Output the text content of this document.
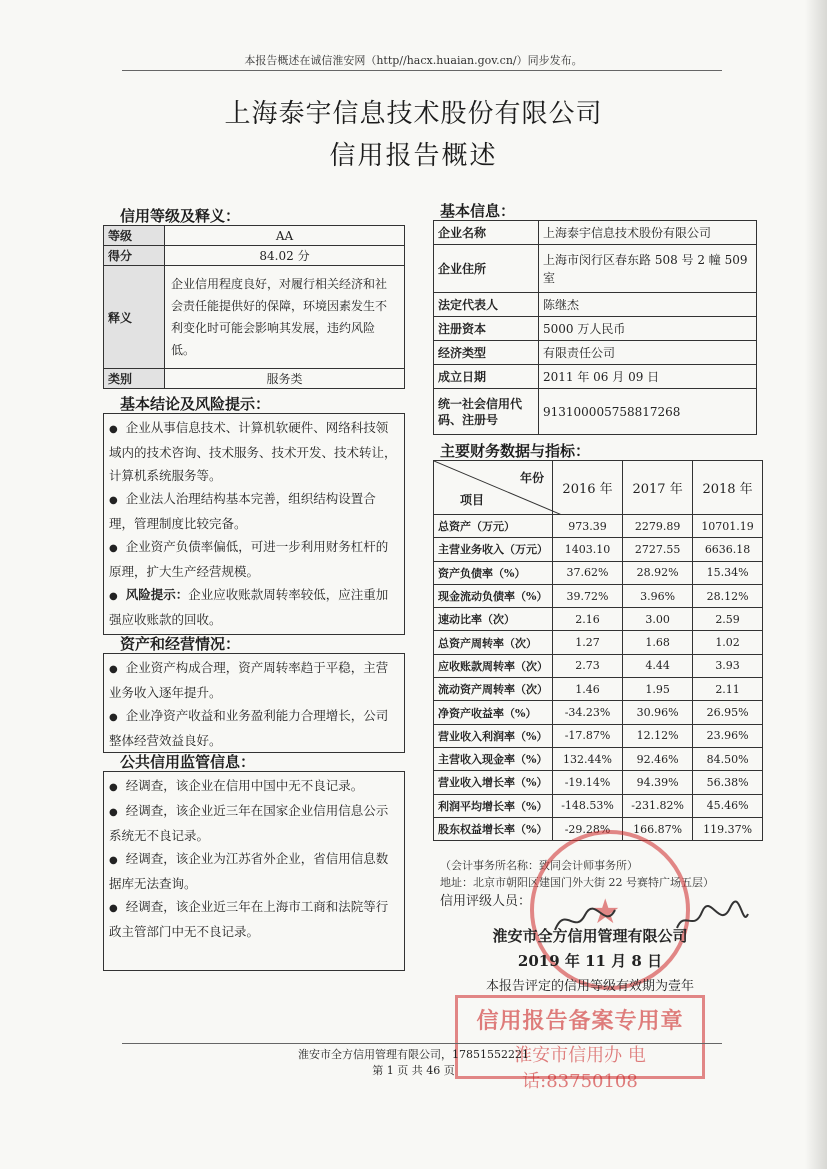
本报告概述在诚信淮安网（http//hacx.huaian.gov.cn/）同步发布。
上海泰宇信息技术股份有限公司
信用报告概述
信用等级及释义：
等级	AA
得分	84.02 分
释义	企业信用程度良好，对履行相关经济和社会责任能提供好的保障，环境因素发生不利变化时可能会影响其发展，违约风险低。
类别	服务类
基本结论及风险提示：

● 企业从事信息技术、计算机软硬件、网络科技领域内的技术咨询、技术服务、技术开发、技术转让，计算机系统服务等。

● 企业法人治理结构基本完善，组织结构设置合理，管理制度比较完备。

● 企业资产负债率偏低，可进一步利用财务杠杆的原理，扩大生产经营规模。

● 风险提示：企业应收账款周转率较低，应注重加强应收账款的回收。

资产和经营情况：

● 企业资产构成合理，资产周转率趋于平稳，主营业务收入逐年提升。

● 企业净资产收益和业务盈利能力合理增长，公司整体经营效益良好。

公共信用监管信息：

● 经调查，该企业在信用中国中无不良记录。

● 经调查，该企业近三年在国家企业信用信息公示系统无不良记录。

● 经调查，该企业为江苏省外企业，省信用信息数据库无法查询。

● 经调查，该企业近三年在上海市工商和法院等行政主管部门中无不良记录。

基本信息：
企业名称	上海泰宇信息技术股份有限公司
企业住所	上海市闵行区春东路 508 号 2 幢 509 室
法定代表人	陈继杰
注册资本	5000 万人民币
经济类型	有限责任公司
成立日期	2011 年 06 月 09 日
统一社会信用代码、注册号	913100005758817268
主要财务数据与指标：
年份
项目	2016 年	2017 年	2018 年
总资产（万元）	973.39	2279.89	10701.19
主营业务收入（万元）	1403.10	2727.55	6636.18
资产负债率（%）	37.62%	28.92%	15.34%
现金流动负债率（%）	39.72%	3.96%	28.12%
速动比率（次）	2.16	3.00	2.59
总资产周转率（次）	1.27	1.68	1.02
应收账款周转率（次）	2.73	4.44	3.93
流动资产周转率（次）	1.46	1.95	2.11
净资产收益率（%）	-34.23%	30.96%	26.95%
营业收入利润率（%）	-17.87%	12.12%	23.96%
主营收入现金率（%）	132.44%	92.46%	84.50%
营业收入增长率（%）	-19.14%	94.39%	56.38%
利润平均增长率（%）	-148.53%	-231.82%	45.46%
股东权益增长率（%）	-29.28%	166.87%	119.37%
（会计事务所名称：致同会计师事务所）
地址：北京市朝阳区建国门外大街 22 号赛特广场五层）
★
信用评级人员：
淮安市全方信用管理有限公司
2019 年 11 月 8 日
本报告评定的信用等级有效期为壹年
信用报告备案专用章
淮安市信用办 电话:83750108
淮安市全方信用管理有限公司，17851552221
第 1 页 共 46 页
